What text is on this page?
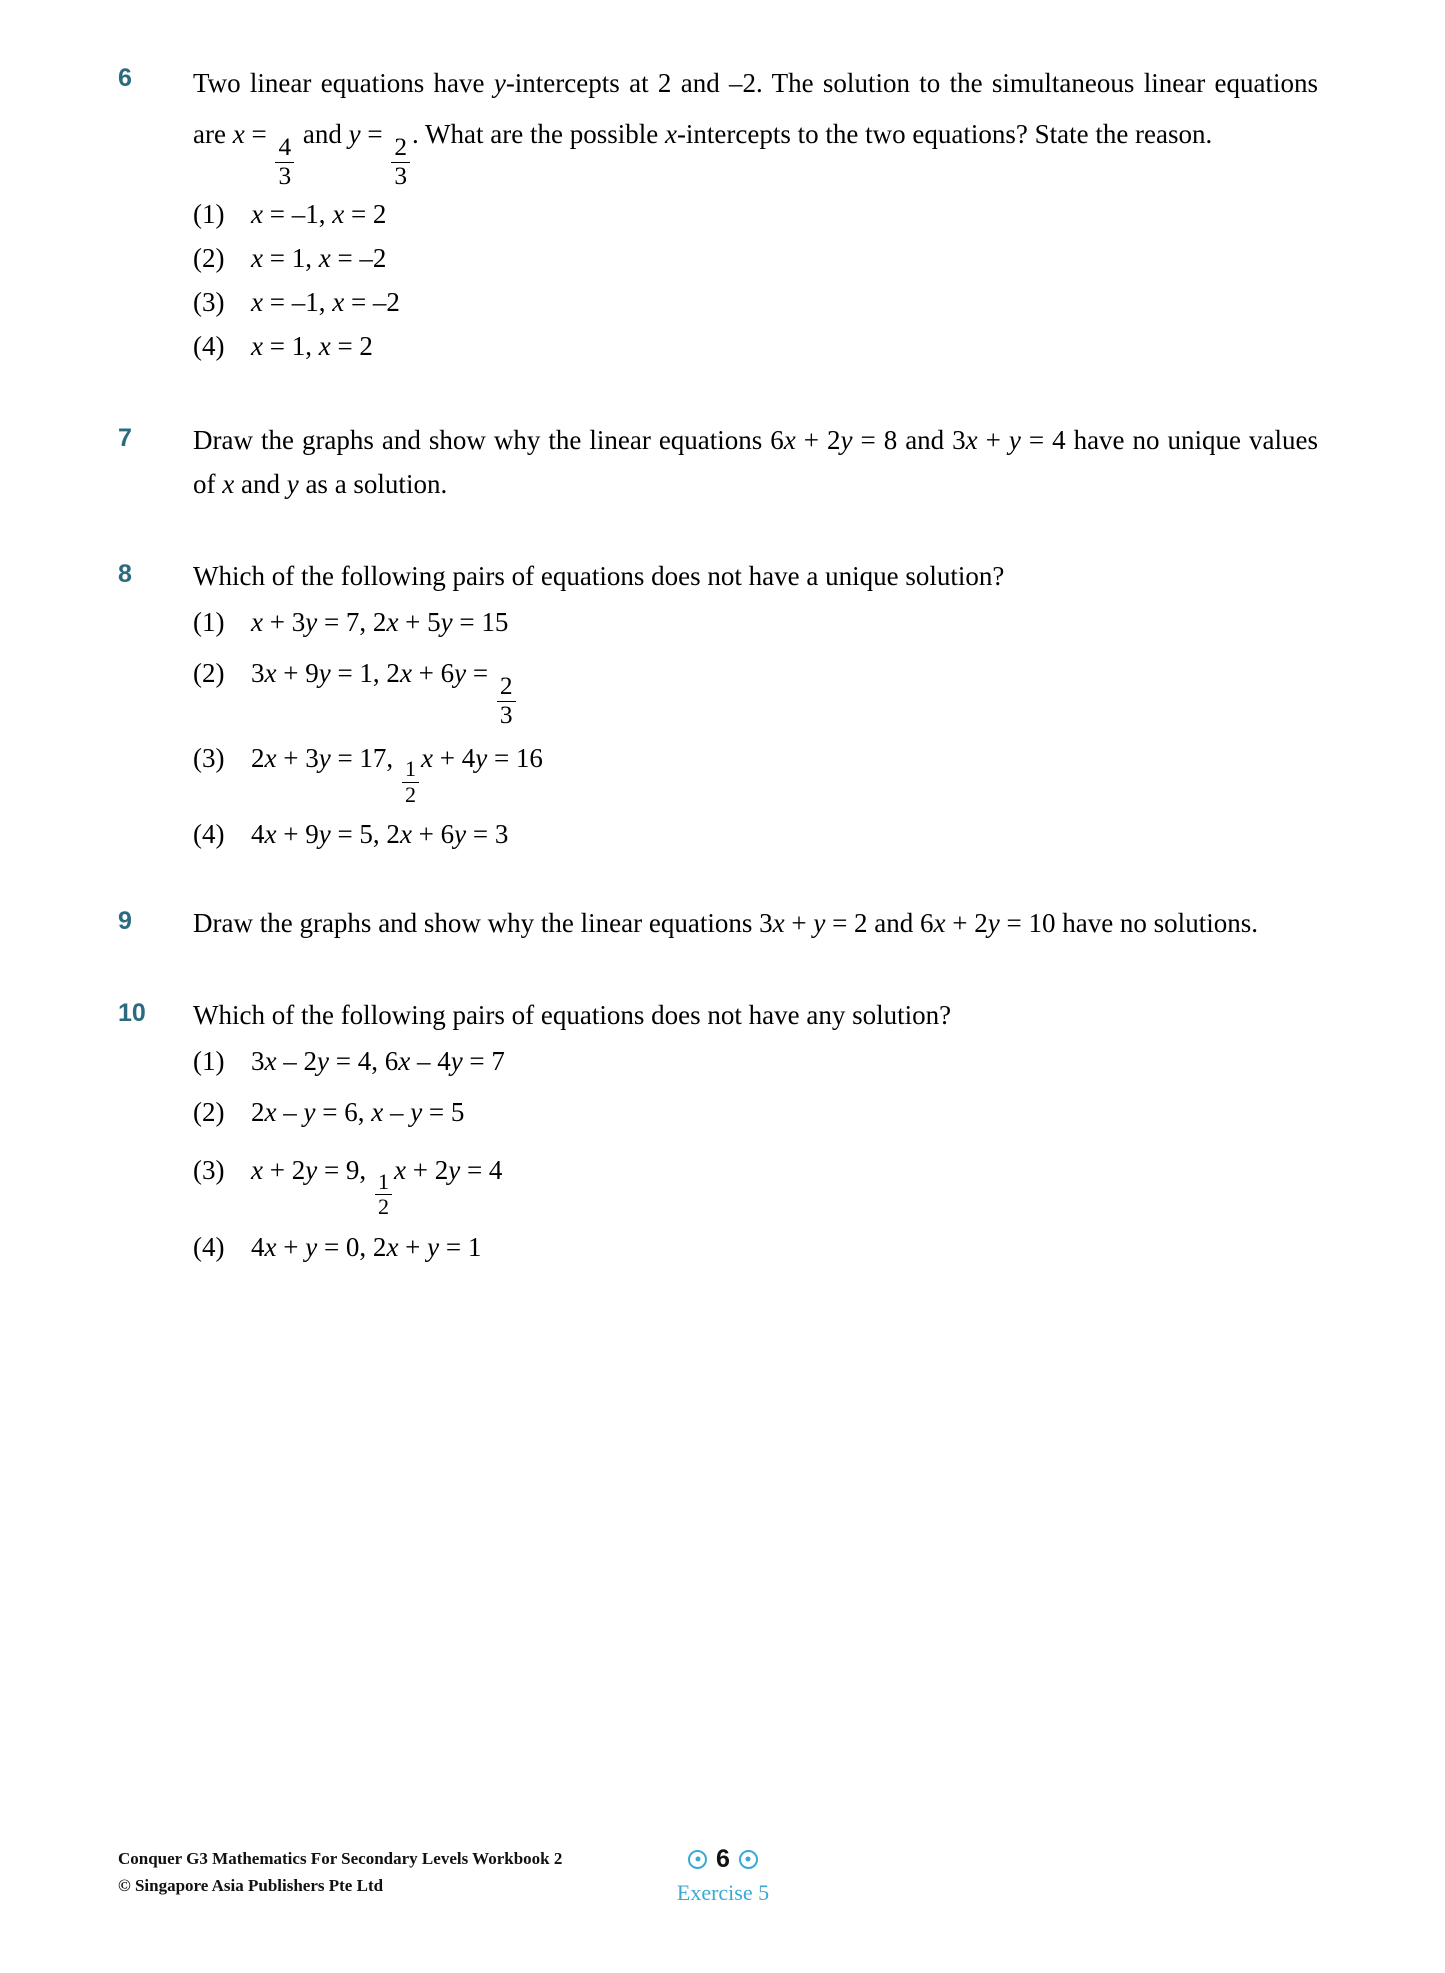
6	Two linear equations have y-intercepts at 2 and –2. The solution to the simultaneous linear equations are x =
$\frac{4}{3}$
and y =
$\frac{2}{3}$
. What are the possible x-intercepts to the two equations? State the reason.
(1) x = –1, x = 2
(2) x = 1, x = –2
(3) x = –1, x = –2
(4) x = 1, x = 2
7	Draw the graphs and show why the linear equations 6x + 2y = 8 and 3x + y = 4 have no unique values of x and y as a solution.
8	Which of the following pairs of equations does not have a unique solution?
(1) x + 3y = 7, 2x + 5y = 15
(2) 3x + 9y = 1, 2x + 6y =
$\frac{2}{3}$
(3) 2x + 3y = 17,
$\frac{1}{2}$
x + 4y = 16
(4) 4x + 9y = 5, 2x + 6y = 3
9	Draw the graphs and show why the linear equations 3x + y = 2 and 6x + 2y = 10 have no solutions.
10	Which of the following pairs of equations does not have any solution?
(1) 3x – 2y = 4, 6x – 4y = 7
(2) 2x – y = 6, x – y = 5
(3) x + 2y = 9,
$\frac{1}{2}$
x + 2y = 4
(4) 4x + y = 0, 2x + y = 1
Conquer G3 Mathematics For Secondary Levels Workbook 2
© Singapore Asia Publishers Pte Ltd
6
Exercise 5
